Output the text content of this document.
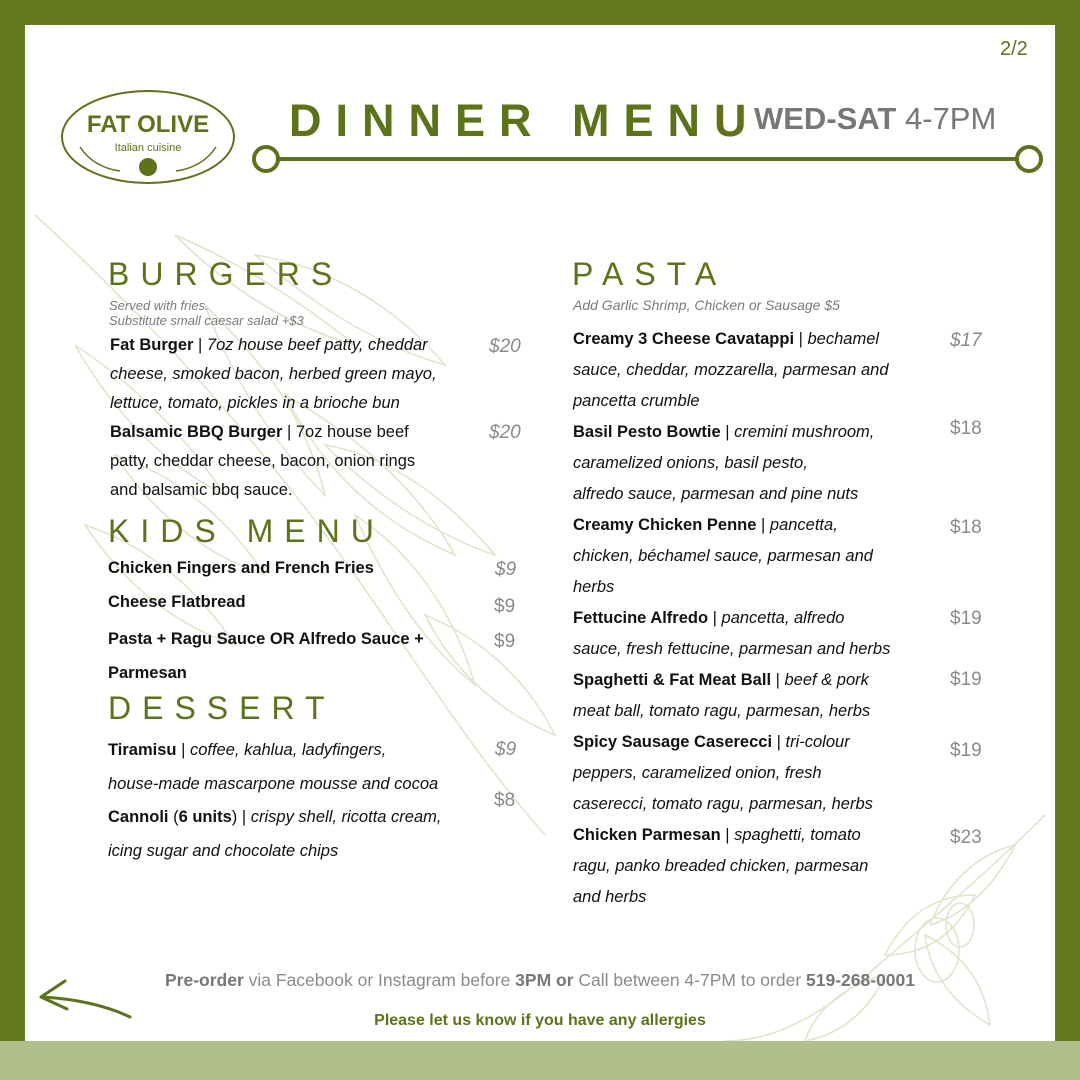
2/2
FAT OLIVE
Italian cuisine
DINNER MENU
WED-SAT 4-7PM
BURGERS
Served with fries.
Substitute small caesar salad +$3
Fat Burger | 7oz house beef patty, cheddar
cheese, smoked bacon, herbed green mayo,
lettuce, tomato, pickles in a brioche bun
$20
Balsamic BBQ Burger | 7oz house beef
patty, cheddar cheese, bacon, onion rings
and balsamic bbq sauce.
$20
KIDS MENU
Chicken Fingers and French Fries	$9
Cheese Flatbread	$9
Pasta + Ragu Sauce OR Alfredo Sauce +
Parmesan
$9
DESSERT
Tiramisu | coffee, kahlua, ladyfingers,
house-made mascarpone mousse and cocoa
$9
Cannoli (6 units) | crispy shell, ricotta cream,
icing sugar and chocolate chips
$8
PASTA
Add Garlic Shrimp, Chicken or Sausage $5
Creamy 3 Cheese Cavatappi | bechamel
sauce, cheddar, mozzarella, parmesan and
pancetta crumble
$17
Basil Pesto Bowtie | cremini mushroom,
caramelized onions, basil pesto,
alfredo sauce, parmesan and pine nuts
$18
Creamy Chicken Penne | pancetta,
chicken, béchamel sauce, parmesan and
herbs
$18
Fettucine Alfredo | pancetta, alfredo
sauce, fresh fettucine, parmesan and herbs
$19
Spaghetti & Fat Meat Ball | beef & pork
meat ball, tomato ragu, parmesan, herbs
$19
Spicy Sausage Caserecci | tri-colour
peppers, caramelized onion, fresh
caserecci, tomato ragu, parmesan, herbs
$19
Chicken Parmesan | spaghetti, tomato
ragu, panko breaded chicken, parmesan
and herbs
$23
Pre-order via Facebook or Instagram before 3PM or Call between 4-7PM to order 519-268-0001
Please let us know if you have any allergies
